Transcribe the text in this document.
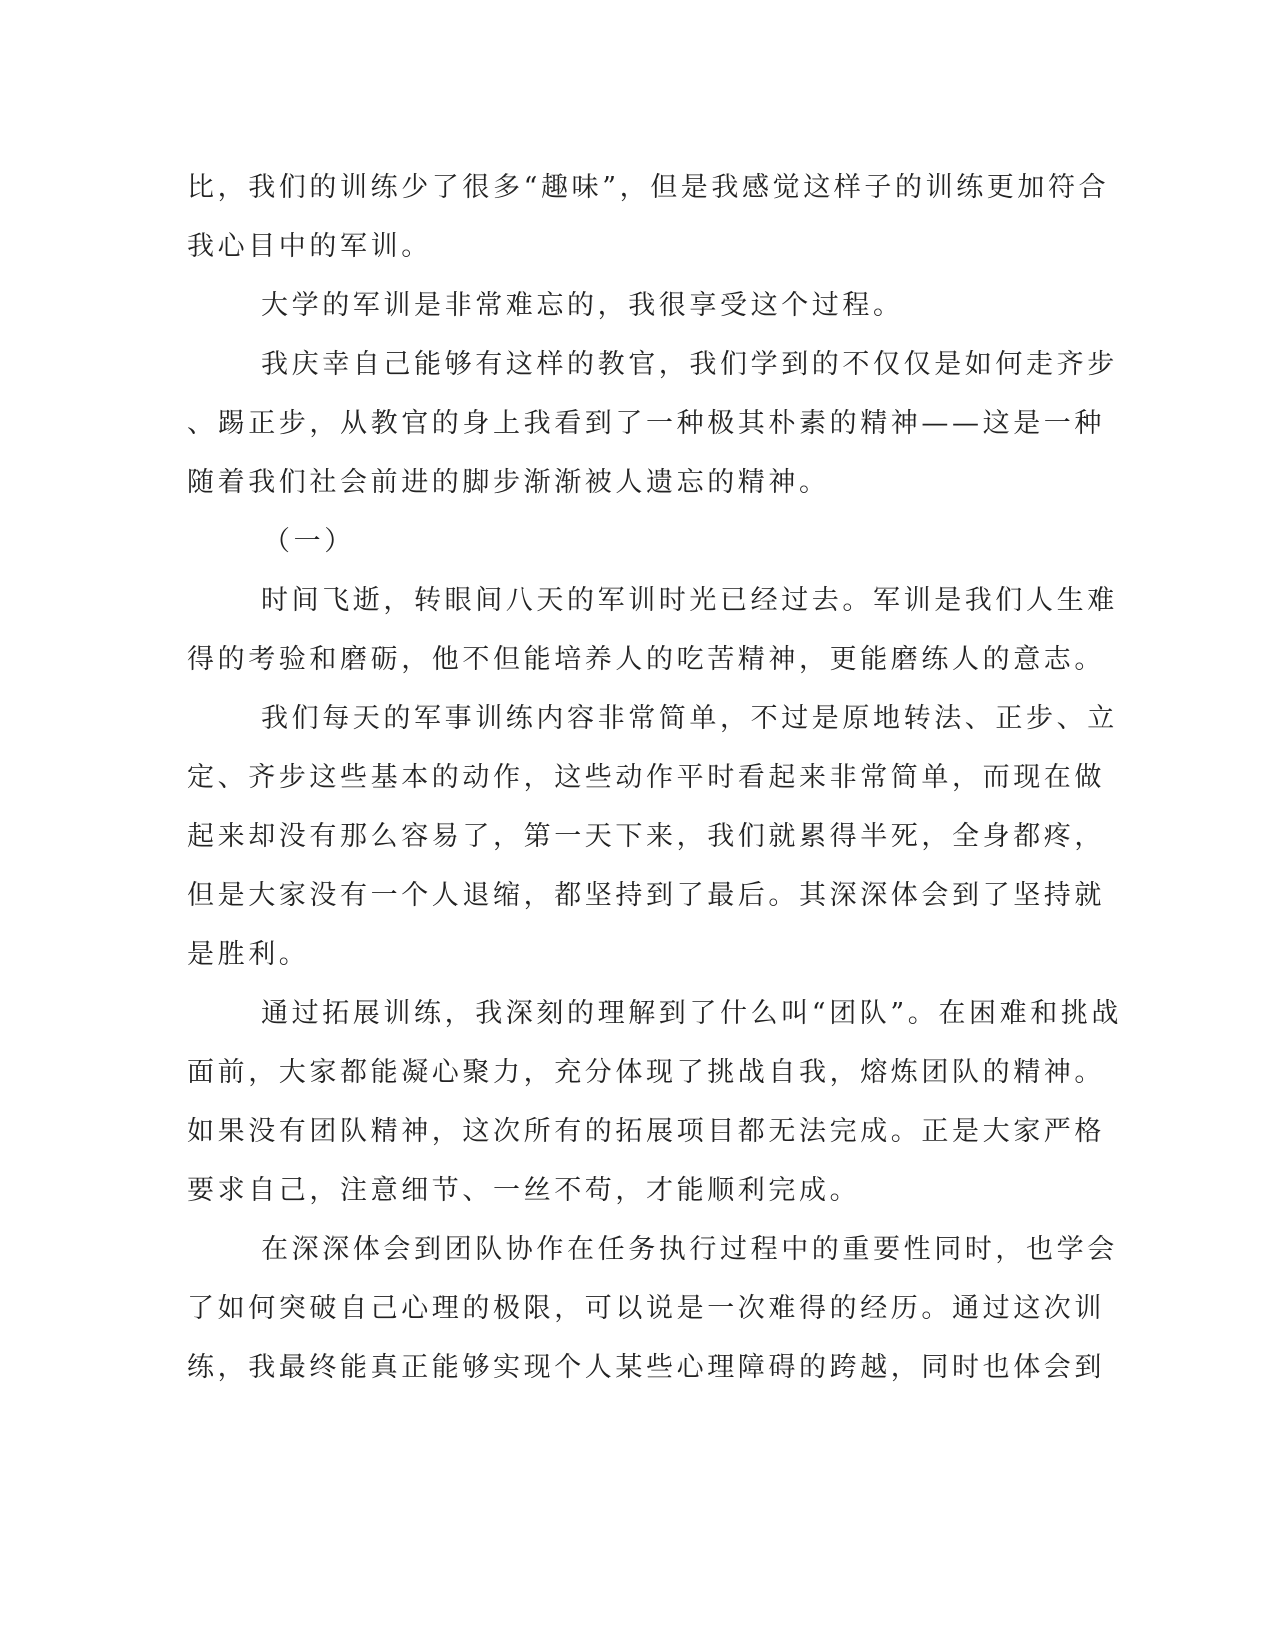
比，我们的训练少了很多“趣味”，但是我感觉这样子的训练更加符合
我心目中的军训。
大学的军训是非常难忘的，我很享受这个过程。
我庆幸自己能够有这样的教官，我们学到的不仅仅是如何走齐步
、踢正步，从教官的身上我看到了一种极其朴素的精神——这是一种
随着我们社会前进的脚步渐渐被人遗忘的精神。
（一）
时间飞逝，转眼间八天的军训时光已经过去。军训是我们人生难
得的考验和磨砺，他不但能培养人的吃苦精神，更能磨练人的意志。
我们每天的军事训练内容非常简单，不过是原地转法、正步、立
定、齐步这些基本的动作，这些动作平时看起来非常简单，而现在做
起来却没有那么容易了，第一天下来，我们就累得半死，全身都疼，
但是大家没有一个人退缩，都坚持到了最后。其深深体会到了坚持就
是胜利。
通过拓展训练，我深刻的理解到了什么叫“团队”。在困难和挑战
面前，大家都能凝心聚力，充分体现了挑战自我，熔炼团队的精神。
如果没有团队精神，这次所有的拓展项目都无法完成。正是大家严格
要求自己，注意细节、一丝不苟，才能顺利完成。
在深深体会到团队协作在任务执行过程中的重要性同时，也学会
了如何突破自己心理的极限，可以说是一次难得的经历。通过这次训
练，我最终能真正能够实现个人某些心理障碍的跨越，同时也体会到
